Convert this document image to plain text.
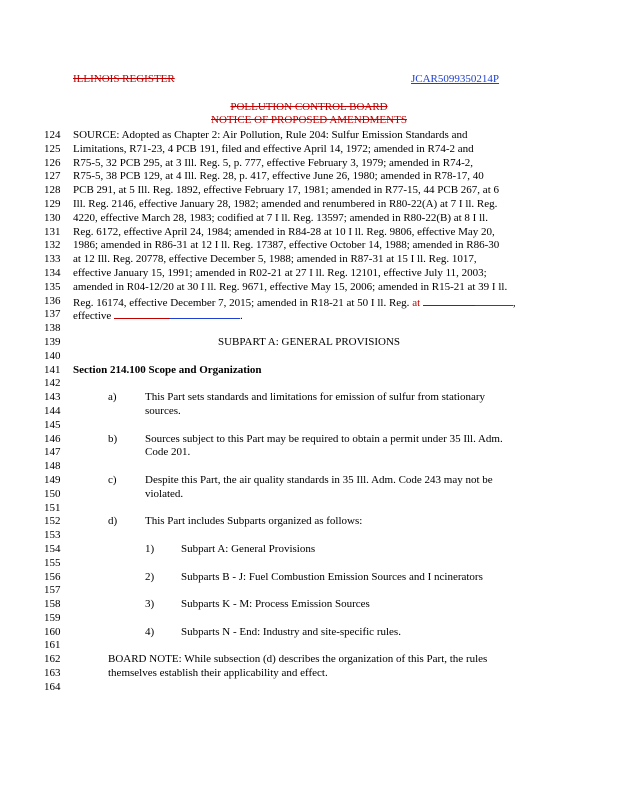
ILLINOIS REGISTER	JCAR5099350214P
POLLUTION CONTROL BOARD
NOTICE OF PROPOSED AMENDMENTS
124	SOURCE: Adopted as Chapter 2: Air Pollution, Rule 204: Sulfur Emission Standards and
125	Limitations, R71-23, 4 PCB 191, filed and effective April 14, 1972; amended in R74-2 and
126	R75-5, 32 PCB 295, at 3 Ill. Reg. 5, p. 777, effective February 3, 1979; amended in R74-2,
127	R75-5, 38 PCB 129, at 4 Ill. Reg. 28, p. 417, effective June 26, 1980; amended in R78-17, 40
128	PCB 291, at 5 Ill. Reg. 1892, effective February 17, 1981; amended in R77-15, 44 PCB 267, at 6
129	Ill. Reg. 2146, effective January 28, 1982; amended and renumbered in R80-22(A) at 7 I ll. Reg.
130	4220, effective March 28, 1983; codified at 7 I ll. Reg. 13597; amended in R80-22(B) at 8 I ll.
131	Reg. 6172, effective April 24, 1984; amended in R84-28 at 10 I ll. Reg. 9806, effective May 20,
132	1986; amended in R86-31 at 12 I ll. Reg. 17387, effective October 14, 1988; amended in R86-30
133	at 12 Ill. Reg. 20778, effective December 5, 1988; amended in R87-31 at 15 I ll. Reg. 1017,
134	effective January 15, 1991; amended in R02-21 at 27 I ll. Reg. 12101, effective July 11, 2003;
135	amended in R04-12/20 at 30 I ll. Reg. 9671, effective May 15, 2006; amended in R15-21 at 39 I ll.
136	Reg. 16174, effective December 7, 2015; amended in R18-21 at 50 I ll. Reg. at	,
137	effective	.
138
139	SUBPART A: GENERAL PROVISIONS
140
141	Section 214.100 Scope and Organization
142
143	a)	This Part sets standards and limitations for emission of sulfur from stationary
144	sources.
145
146	b)	Sources subject to this Part may be required to obtain a permit under 35 Ill. Adm.
147	Code 201.
148
149	c)	Despite this Part, the air quality standards in 35 Ill. Adm. Code 243 may not be
150	violated.
151
152	d)	This Part includes Subparts organized as follows:
153
154	1) Subpart A: General Provisions
155
156	2) Subparts B - J: Fuel Combustion Emission Sources and I ncinerators
157
158	3) Subparts K - M: Process Emission Sources
159
160	4) Subparts N - End: Industry and site-specific rules.
161
162	BOARD NOTE: While subsection (d) describes the organization of this Part, the rules
163	themselves establish their applicability and effect.
164
